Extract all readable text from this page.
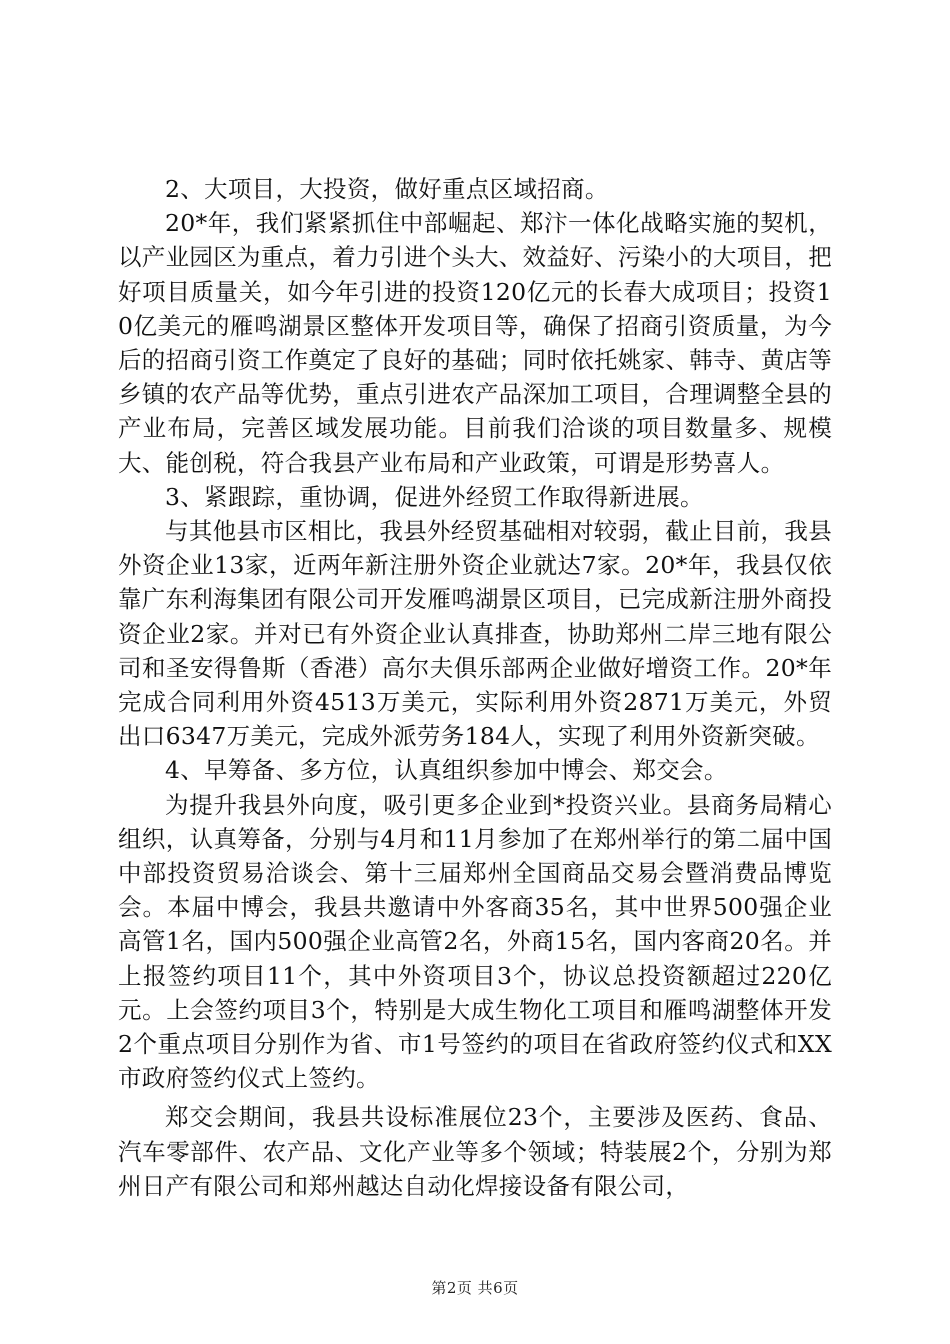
2、大项目，大投资，做好重点区域招商。

20*年，我们紧紧抓住中部崛起、郑汴一体化战略实施的契机，以产业园区为重点，着力引进个头大、效益好、污染小的大项目，把好项目质量关，如今年引进的投资120亿元的长春大成项目；投资10亿美元的雁鸣湖景区整体开发项目等，确保了招商引资质量，为今后的招商引资工作奠定了良好的基础；同时依托姚家、韩寺、黄店等乡镇的农产品等优势，重点引进农产品深加工项目，合理调整全县的产业布局，完善区域发展功能。目前我们洽谈的项目数量多、规模大、能创税，符合我县产业布局和产业政策，可谓是形势喜人。

3、紧跟踪，重协调，促进外经贸工作取得新进展。

与其他县市区相比，我县外经贸基础相对较弱，截止目前，我县外资企业13家，近两年新注册外资企业就达7家。20*年，我县仅依靠广东利海集团有限公司开发雁鸣湖景区项目，已完成新注册外商投资企业2家。并对已有外资企业认真排查，协助郑州二岸三地有限公司和圣安得鲁斯（香港）高尔夫俱乐部两企业做好增资工作。20*年完成合同利用外资4513万美元，实际利用外资2871万美元，外贸出口6347万美元，完成外派劳务184人，实现了利用外资新突破。

4、早筹备、多方位，认真组织参加中博会、郑交会。

为提升我县外向度，吸引更多企业到*投资兴业。县商务局精心组织，认真筹备，分别与4月和11月参加了在郑州举行的第二届中国中部投资贸易洽谈会、第十三届郑州全国商品交易会暨消费品博览会。本届中博会，我县共邀请中外客商35名，其中世界500强企业高管1名，国内500强企业高管2名，外商15名，国内客商20名。并上报签约项目11个，其中外资项目3个，协议总投资额超过220亿元。上会签约项目3个，特别是大成生物化工项目和雁鸣湖整体开发2个重点项目分别作为省、市1号签约的项目在省政府签约仪式和XX市政府签约仪式上签约。

郑交会期间，我县共设标准展位23个，主要涉及医药、食品、汽车零部件、农产品、文化产业等多个领域；特装展2个，分别为郑州日产有限公司和郑州越达自动化焊接设备有限公司，

第2页 共6页
